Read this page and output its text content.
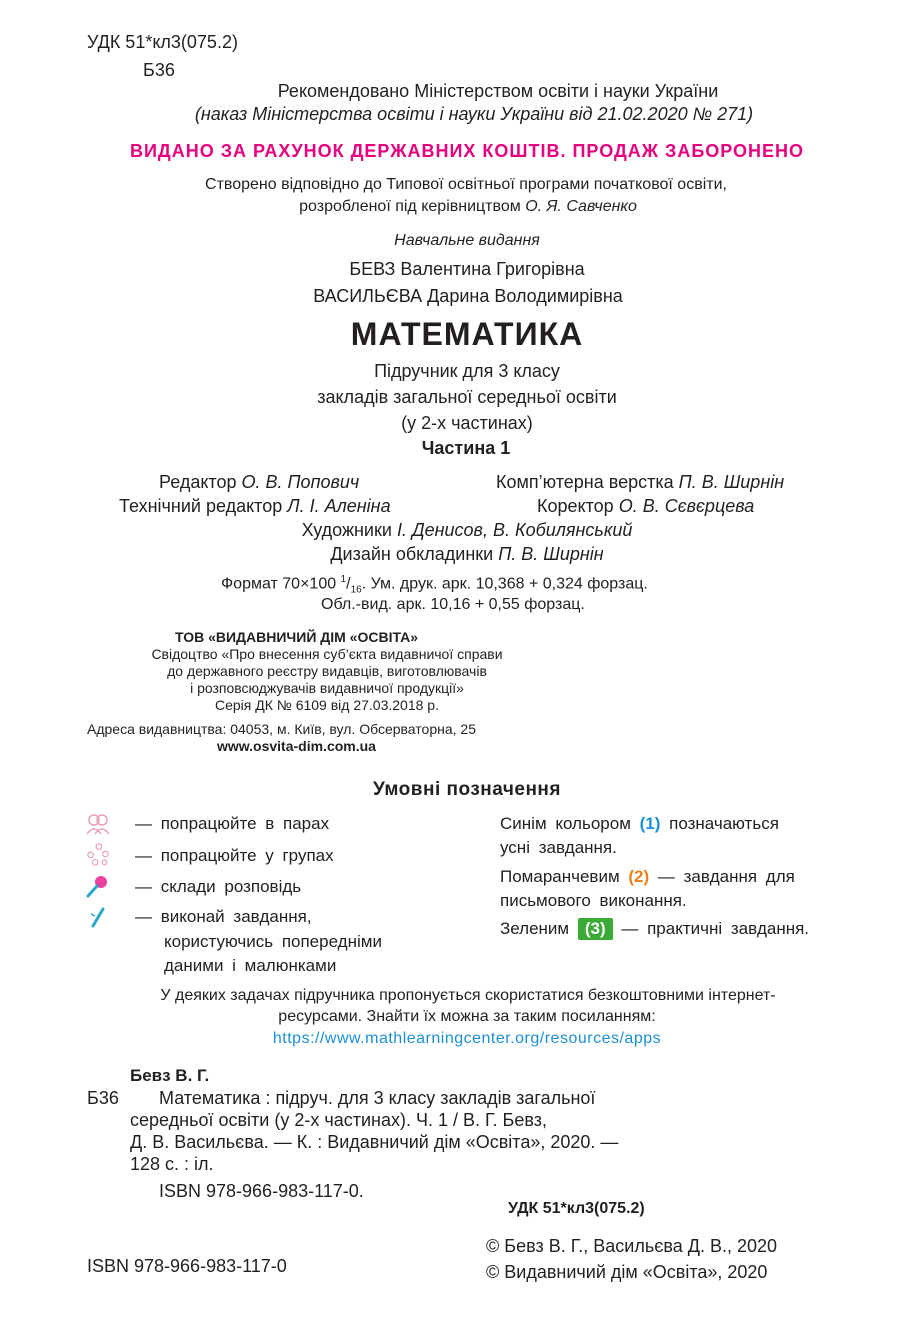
УДК 51*кл3(075.2)
Б36
Рекомендовано Міністерством освіти і науки України
(наказ Міністерства освіти і науки України від 21.02.2020 № 271)
ВИДАНО ЗА РАХУНОК ДЕРЖАВНИХ КОШТІВ. ПРОДАЖ ЗАБОРОНЕНО
Створено відповідно до Типової освітньої програми початкової освіти,
розробленої під керівництвом О. Я. Савченко
Навчальне видання
БЕВЗ Валентина Григорівна
ВАСИЛЬЄВА Дарина Володимирівна
МАТЕМАТИКА
Підручник для 3 класу
закладів загальної середньої освіти
(у 2-х частинах)
Частина 1
Редактор О. В. Попович	Комп’ютерна верстка П. В. Ширнін
Технічний редактор Л. І. Аленіна	Коректор О. В. Сєвєрцева
Художники І. Денисов, В. Кобилянський
Дизайн обкладинки П. В. Ширнін
Формат 70×100 $^1/_{16}$. Ум. друк. арк. 10,368 + 0,324 форзац.
Обл.-вид. арк. 10,16 + 0,55 форзац.
ТОВ «ВИДАВНИЧИЙ ДІМ «ОСВІТА»
Свідоцтво «Про внесення суб’єкта видавничої справи
до державного реєстру видавців, виготовлювачів
і розповсюджувачів видавничої продукції»
Серія ДК № 6109 від 27.03.2018 р.
Адреса видавництва: 04053, м. Київ, вул. Обсерваторна, 25
www.osvita-dim.com.ua
Умовні позначення
— попрацюйте в парах
— попрацюйте у групах
— склади розповідь
— виконай завдання,
користуючись попередніми
даними і малюнками
Синім кольором (1) позначаються
усні завдання.
Помаранчевим (2) — завдання для
письмового виконання.
Зеленим (3) — практичні завдання.
У деяких задачах підручника пропонується скористатися безкоштовними інтернет-
ресурсами. Знайти їх можна за таким посиланням:
https://www.mathlearningcenter.org/resources/apps
Бевз В. Г.
Б36 Математика : підруч. для 3 класу закладів загальної
середньої освіти (у 2-х частинах). Ч. 1 / В. Г. Бевз,
Д. В. Васильєва. — К. : Видавничий дім «Освіта», 2020. —
128 с. : іл.
ISBN 978-966-983-117-0.
УДК 51*кл3(075.2)
© Бевз В. Г., Васильєва Д. В., 2020
ISBN 978-966-983-117-0	© Видавничий дім «Освіта», 2020
